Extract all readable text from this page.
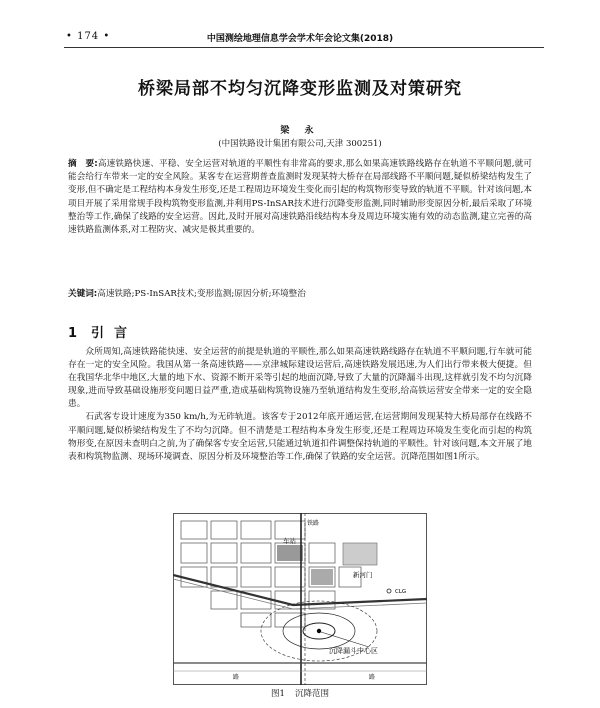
• 174 •	中国测绘地理信息学会学术年会论文集(2018)
桥梁局部不均匀沉降变形监测及对策研究
梁 永
(中国铁路设计集团有限公司,天津 300251)
摘　要:高速铁路快速、平稳、安全运营对轨道的平顺性有非常高的要求,那么如果高速铁路线路存在轨道不平顺问题,就可能会给行车带来一定的安全风险。某客专在运营期普查监测时发现某特大桥存在局部线路不平顺问题,疑似桥梁结构发生了变形,但不确定是工程结构本身发生形变,还是工程周边环境发生变化而引起的构筑物形变导致的轨道不平顺。针对该问题,本项目开展了采用常规手段构筑物变形监测,并利用PS-InSAR技术进行沉降变形监测,同时辅助形变原因分析,最后采取了环境整治等工作,确保了线路的安全运营。因此,及时开展对高速铁路沿线结构本身及周边环境实施有效的动态监测,建立完善的高速铁路监测体系,对工程防灾、减灾是极其重要的。
关键词:高速铁路;PS-InSAR技术;变形监测;原因分析;环境整治
1 引言

众所周知,高速铁路能快速、安全运营的前提是轨道的平顺性,那么如果高速铁路线路存在轨道不平顺问题,行车就可能存在一定的安全风险。我国从第一条高速铁路——京津城际建设运营后,高速铁路发展迅速,为人们出行带来极大便捷。但在我国华北华中地区,大量的地下水、资源不断开采等引起的地面沉降,导致了大量的沉降漏斗出现,这样就引发不均匀沉降现象,进而导致基础设施形变问题日益严重,造成基础构筑物设施乃至轨道结构发生变形,给高铁运营安全带来一定的安全隐患。

石武客专设计速度为350 km/h,为无砟轨道。该客专于2012年底开通运营,在运营期间发现某特大桥局部存在线路不平顺问题,疑似桥梁结构发生了不均匀沉降。但不清楚是工程结构本身发生形变,还是工程周边环境发生变化而引起的构筑物形变,在原因未查明白之前,为了确保客专安全运营,只能通过轨道扣件调整保持轨道的平顺性。针对该问题,本文开展了地表和构筑物监测、现场环境调查、原因分析及环境整治等工作,确保了铁路的安全运营。沉降范围如图1所示。

车站
新河门
CLG
沉降漏斗中心区
路	路
铁路
图1 沉降范围
